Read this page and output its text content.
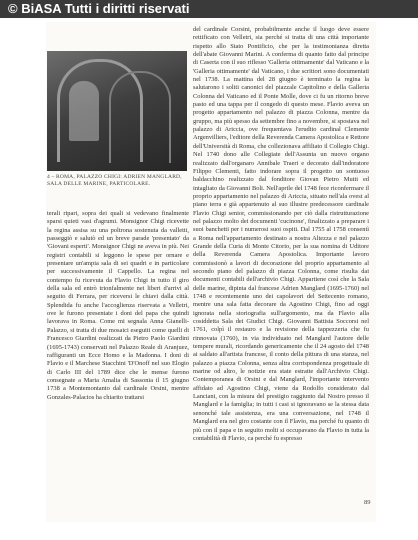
© BiASA Tutti i diritti riservati
4 – ROMA, PALAZZO CHIGI: ADRIEN MANGLARD, SALA DELLE MARINE, PARTICOLARE.

terali ripari, sopra dei quali si vedevano finalmente sparsi quieti vasi d'agrumi. Monsignor Chigi ricevette la regina assisa su una poltrona sostenuta da valletti, passeggiò e salutò ed un breve parade 'presentato' da 'Giovani esperti'. Monsignor Chigi ne aveva in più. Nei registri contabili si leggono le spese per ornare e presentare un'ampia sala di sei quadri e in particolare per successivamente il Cappello. La regina nel contempo fu ricevuta da Flavio Chigi in tutto il giro della sala ed entrò trionfalmente nei liberi d'arrivi al seguito di Ferrara, per riceversi le chiavi dalla città. Splendida fu anche l'accoglienza riservata a Velletri, ove le furono presentate i doni del papa che quindi lavorava in Roma. Come mi segnala Anna Gianelli-Palazzo, si tratta di due mosaici eseguiti come quelli di Francesco Giardini realizzati da Pietro Paolo Giardini (1695-1743) conservati nel Palazzo Reale di Aranjuez, raffiguranti un Ecce Homo e la Madonna. I doni di Flavio e il Marchese Stacchini 'D'Onoff nel suo Elogio di Carlo III del 1789 dice che le mense furono consegnate a Maria Amalia di Sassonia il 15 giugno 1738 a Montemontanto dal cardinale Orsini, mentre Gonzales-Palacios ha chiarito trattarsi

del cardinale Corsini, probabilmente anche il luogo deve essere rettificato con Velletri, sia perché si tratta di una città importante rispetto allo Stato Pontificio, che per la testimonianza diretta dell'abate Giovanni Marini. A conferma di quanto fatto dal principe di Caserta con il suo riflesso 'Galleria ottimamente' dal Vaticano e la 'Galleria ottimamente' dal Vaticano, i due scrittori sono documentati nel 1738. La mattina del 28 giugno è terminato la regina la salutarono i soliti canonici del piazzale Capitolino e della Galleria Colonna del Vaticano ed il Ponte Molle, dove ci fu un ritorno breve pasto ed una tappa per il congedo di questo mese. Flavio aveva un progetto appartamento nel palazzo di piazza Colonna, mentre da gruppo, ma più spesso da settembre fino a novembre, si spostava nel palazzo di Ariccia, ove frequentava l'erudito cardinal Clemente Argenvilliers, l'editore della Reverenda Camera Apostolica e Rettore dell'Università di Roma, che collezionava affiliato il Collegio Chigi. Nel 1740 dono alle Collegiate dell'Assunta un nuovo organo realizzato dall'organaro Annibale Traeri e decorato dall'indoratore Filippo Clementi, fatto indorare sopra il progetto un sontuoso baldacchino realizzato dal fonditore Giovan Pietro Mutti ed intagliato da Giovanni Boli. Nell'aprile del 1748 fece riconfermare il proprio appartamento nel palazzo di Ariccia, situato nell'ala ovest al piano terra e già appartenuto al suo illustre predecessore cardinale Flavio Chigi senior, commissionando per ciò dalla ristrutturazione nel palazzo molto dei documenti 'cucinone', finalizzato a preparare i suoi banchetti per i numerosi suoi ospiti. Dal 1755 al 1758 consentì a Roma nell'appartamento destinato a nostra Altezza e nel palazzo Grande della Curia di Monte Citorio, per la sua nomina di Uditore della Reverenda Camera Apostolica. Importante lavoro commissionò a lavori di decorazione del proprio appartamento al secondo piano del palazzo di piazza Colonna, come risulta dai documenti contabili dell'archivio Chigi. Appartiene così che la Sala delle marine, dipinta dal francese Adrien Manglard (1695-1760) nel 1748 e recentemente uno dei capolavori del Settecento romano, mentre una sala fatta decorare da Agostino Chigi, fino ad oggi ignorata nella storiografia sull'argomento, ma da Flavio alla cosiddetta Sala dei Giudici Chigi. Giovanni Battista Soccorsi nel 1761, colpì il restauro e la revisione della tappezzeria che fu rinnovata (1760), in via individuato nel Manglard l'autore delle tempere murali, ricordando genericamente che il 24 agosto del 1748 ai saldato all'artista francese, il conto della pittura di una stanza, nel palazzo a piazza Colonna, senza altra corrispondenza progettuale di marine od altro, le notizie era state estratte dall'Archivio Chigi. Contemporanea di Orsini e dal Manglard, l'importante intervento affidato ad Agostino Chigi, viene da Rodolfo considerato dal Lanciani, con la misura del prestigio raggiunto dal Nostro presso il Manglard e la famiglia; in tutti i casi si ignoravano se la stessa data senonché tale assistenza, era una conversazione, nel 1748 il Manglard era nel giro costante con il Flavio, ma perché fu quanto di più con il papa e in seguito molti si occupavano da Flavio in tutta la contabilità di Flavio, ca perché fu espresso

89
